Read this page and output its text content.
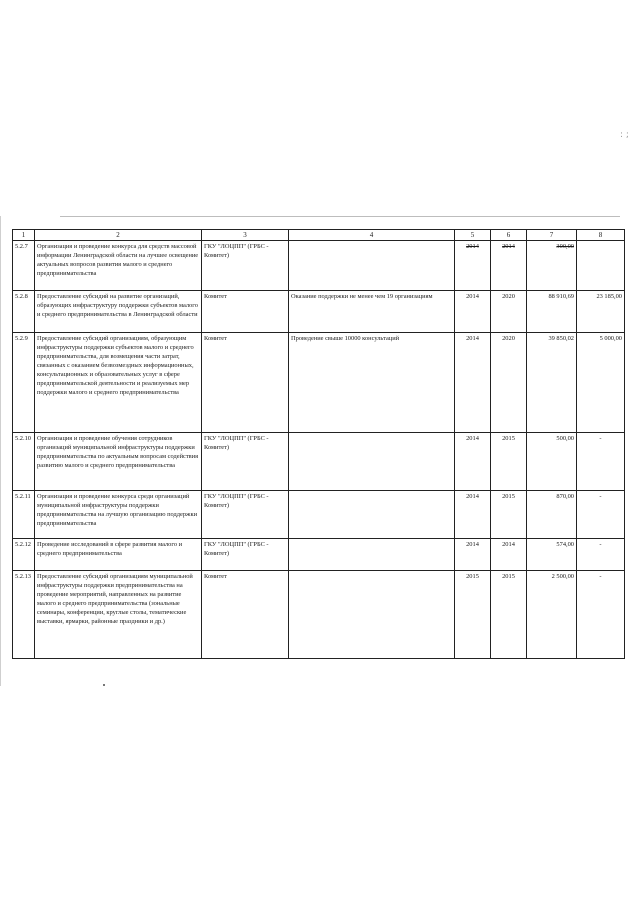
: ;
1	2	3	4	5	6	7	8
5.2.7	Организация и проведение конкурса для средств массовой информации Ленинградской области на лучшее освещение актуальных вопросов развития малого и среднего предпринимательства	ГКУ "ЛОЦПП" (ГРБС - Комитет)		2014	2014	300,00	
5.2.8	Предоставление субсидий на развитие организаций, образующих инфраструктуру поддержки субъектов малого и среднего предпринимательства в Ленинградской области	Комитет	Оказание поддержки не менее чем 19 организациям	2014	2020	88 910,69	23 185,00
5.2.9	Предоставление субсидий организациям, образующим инфраструктуры поддержки субъектов малого и среднего предпринимательства, для возмещения части затрат, связанных с оказанием безвозмездных информационных, консультационных и образовательных услуг в сфере предпринимательской деятельности и реализуемых мер поддержки малого и среднего предпринимательства	Комитет	Проведение свыше 10000 консультаций	2014	2020	39 850,02	5 000,00
5.2.10	Организация и проведение обучения сотрудников организаций муниципальной инфраструктуры поддержки предпринимательства по актуальным вопросам содействия развитию малого и среднего предпринимательства	ГКУ "ЛОЦПП" (ГРБС - Комитет)		2014	2015	500,00	-
5.2.11	Организация и проведение конкурса среди организаций муниципальной инфраструктуры поддержки предпринимательства на лучшую организацию поддержки предпринимательства	ГКУ "ЛОЦПП" (ГРБС - Комитет)		2014	2015	870,00	-
5.2.12	Проведение исследований в сфере развития малого и среднего предпринимательства	ГКУ "ЛОЦПП" (ГРБС - Комитет)		2014	2014	574,00	-
5.2.13	Предоставление субсидий организациям муниципальной инфраструктуры поддержки предпринимательства на проведение мероприятий, направленных на развитие малого и среднего предпринимательства (зональные семинары, конференции, круглые столы, тематические выставки, ярмарки, районные праздники и др.)	Комитет		2015	2015	2 500,00	-
